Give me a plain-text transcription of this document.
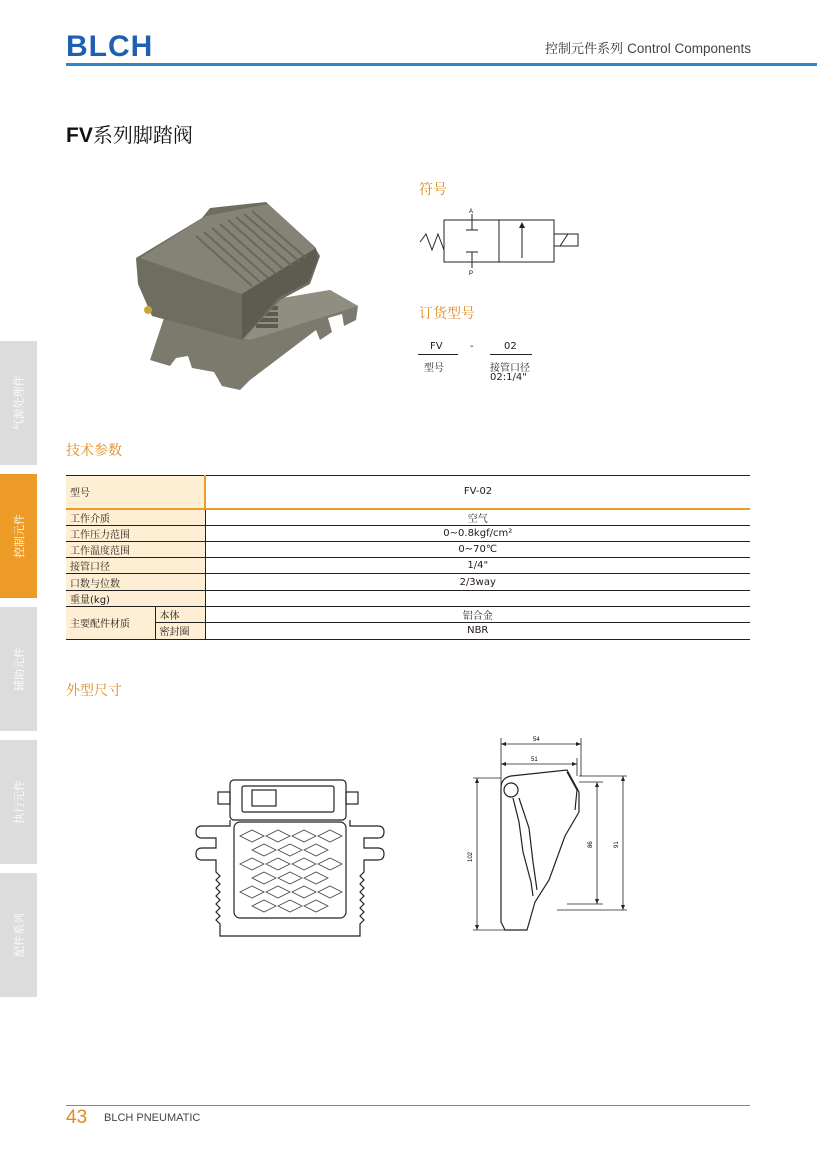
BLCH	控制元件系列 Control Components
FV系列脚踏阀
符号
A
P
订货型号
FV	-	02
型号	接管口径
02:1/4"
技术参数
型号		FV-02
工作介质		空气
工作压力范围		0~0.8kgf/cm²
工作温度范围		0~70℃
接管口径		1/4"
口数与位数		2/3way
重量(kg)		
主要配件材质	本体	铝合金
	密封圈	NBR
外型尺寸
54
51
102
86	91
气源处理件
控制元件
辅助元件
执行元件
配件系列
43 BLCH PNEUMATIC
